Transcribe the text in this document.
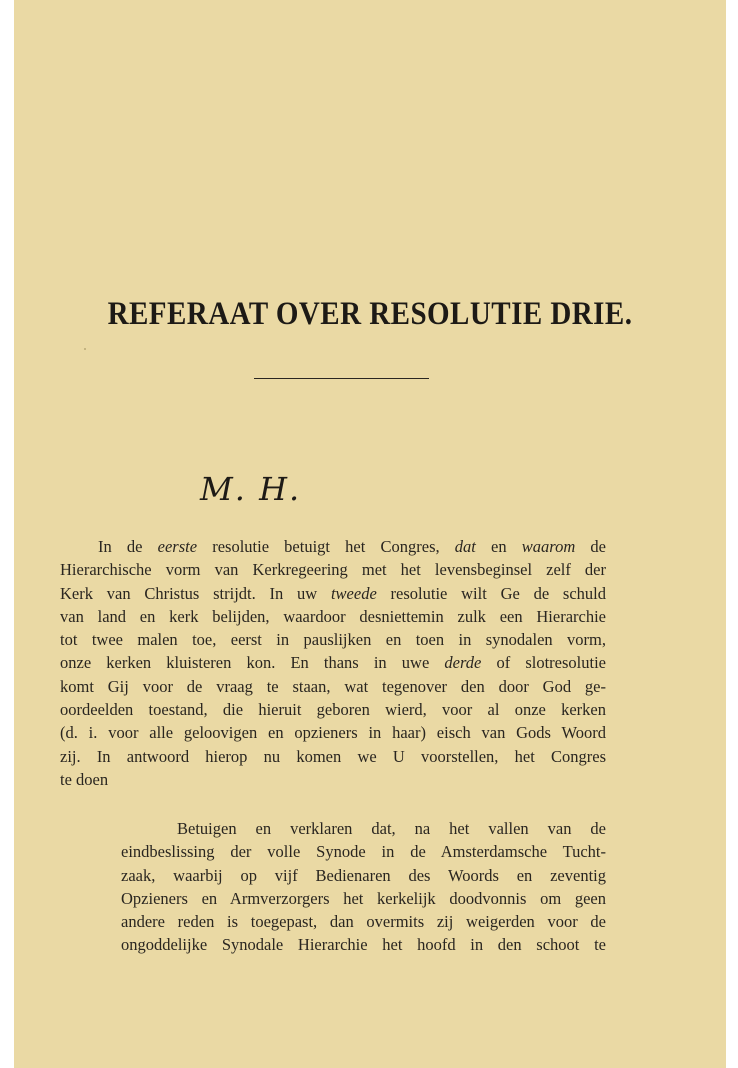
REFERAAT OVER RESOLUTIE DRIE.
M. H.
In de eerste resolutie betuigt het Congres, dat en waarom de
Hierarchische vorm van Kerkregeering met het levensbeginsel zelf der
Kerk van Christus strijdt. In uw tweede resolutie wilt Ge de schuld
van land en kerk belijden, waardoor desniettemin zulk een Hierarchie
tot twee malen toe, eerst in pauslijken en toen in synodalen vorm,
onze kerken kluisteren kon. En thans in uwe derde of slotresolutie
komt Gij voor de vraag te staan, wat tegenover den door God ge-
oordeelden toestand, die hieruit geboren wierd, voor al onze kerken
(d. i. voor alle geloovigen en opzieners in haar) eisch van Gods Woord
zij. In antwoord hierop nu komen we U voorstellen, het Congres
te doen
Betuigen en verklaren dat, na het vallen van de
eindbeslissing der volle Synode in de Amsterdamsche Tucht-
zaak, waarbij op vijf Bedienaren des Woords en zeventig
Opzieners en Armverzorgers het kerkelijk doodvonnis om geen
andere reden is toegepast, dan overmits zij weigerden voor de
ongoddelijke Synodale Hierarchie het hoofd in den schoot te
